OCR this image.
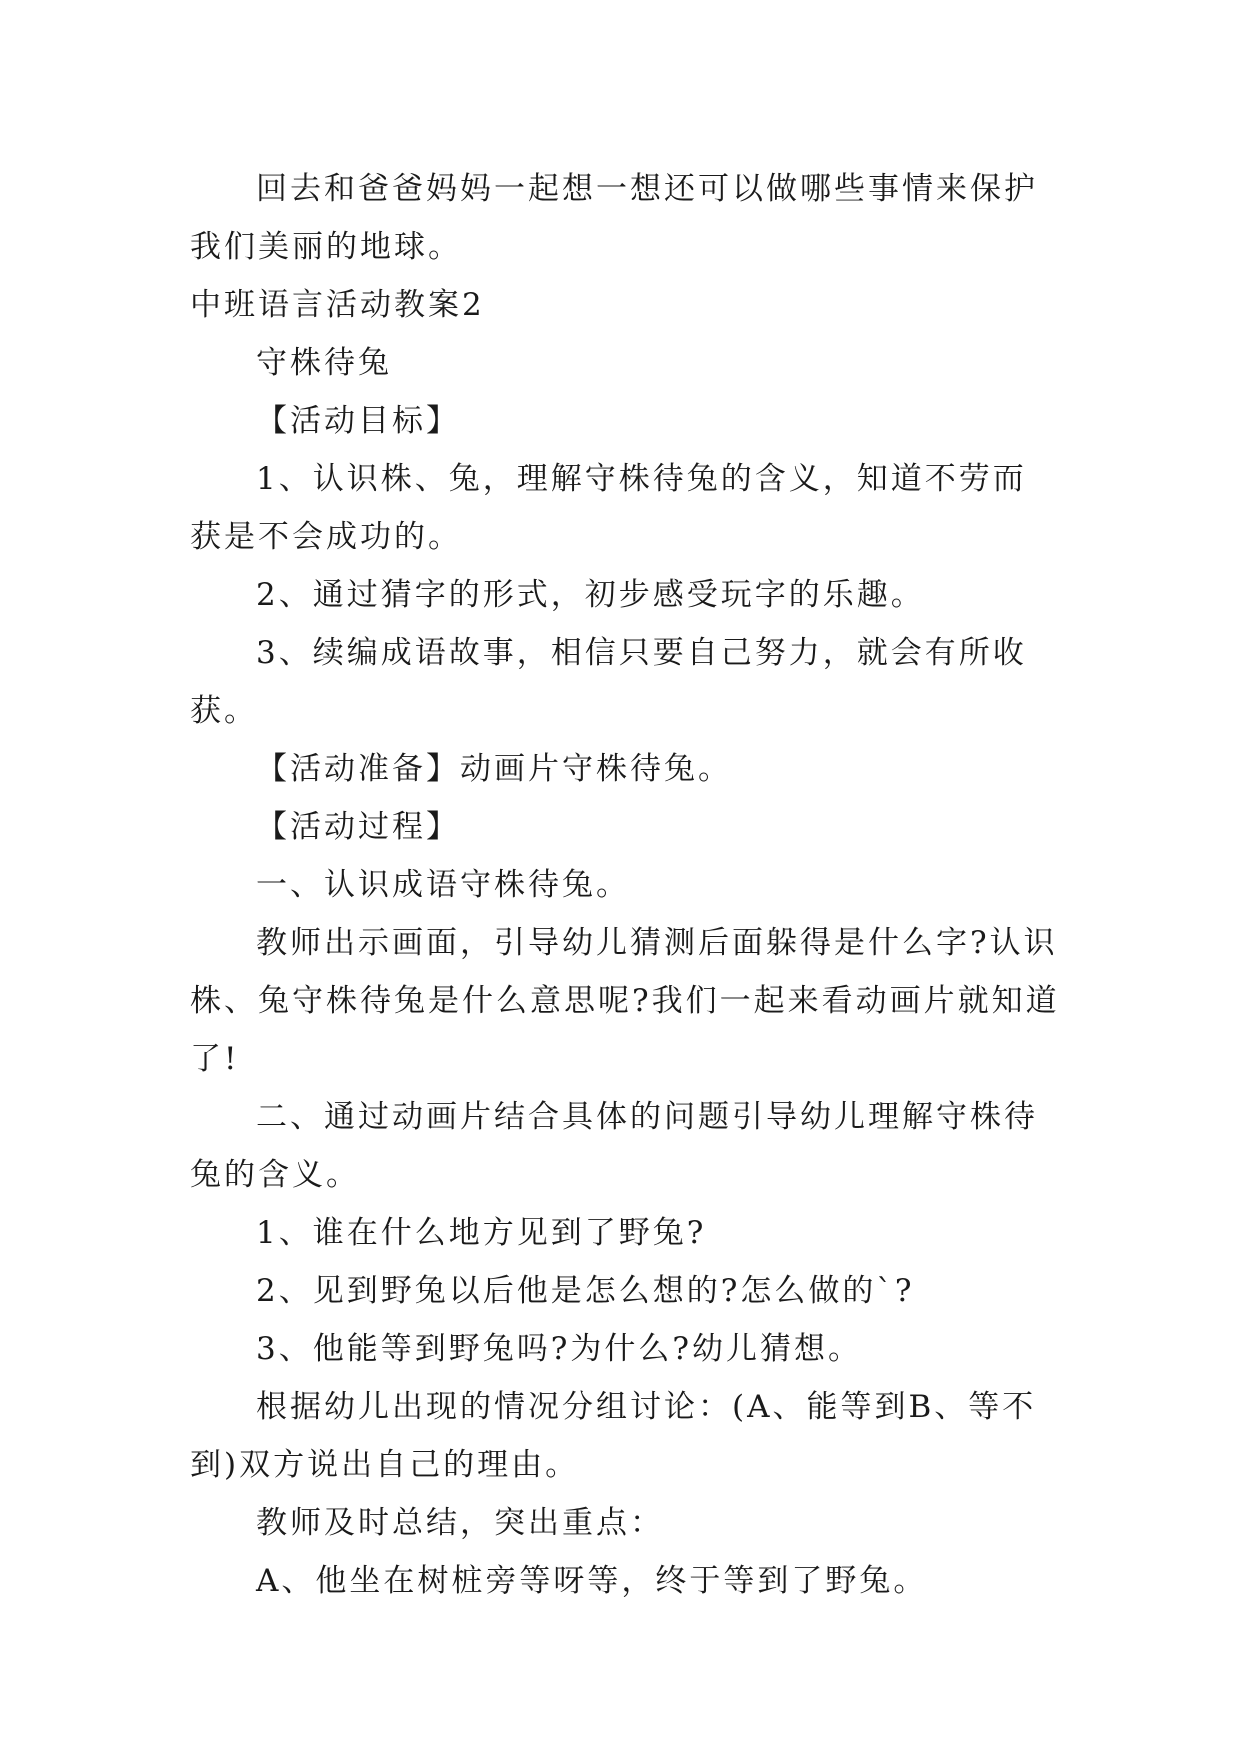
回去和爸爸妈妈一起想一想还可以做哪些事情来保护我们美丽的地球。

中班语言活动教案2

守株待兔

【活动目标】

1、认识株、兔，理解守株待兔的含义，知道不劳而获是不会成功的。

2、通过猜字的形式，初步感受玩字的乐趣。

3、续编成语故事，相信只要自己努力，就会有所收获。

【活动准备】动画片守株待兔。

【活动过程】

一、认识成语守株待兔。

教师出示画面，引导幼儿猜测后面躲得是什么字?认识株、兔守株待兔是什么意思呢?我们一起来看动画片就知道了!

二、通过动画片结合具体的问题引导幼儿理解守株待兔的含义。

1、谁在什么地方见到了野兔?

2、见到野兔以后他是怎么想的?怎么做的`?

3、他能等到野兔吗?为什么?幼儿猜想。

根据幼儿出现的情况分组讨论：(A、能等到B、等不到)双方说出自己的理由。

教师及时总结，突出重点：

A、他坐在树桩旁等呀等，终于等到了野兔。
